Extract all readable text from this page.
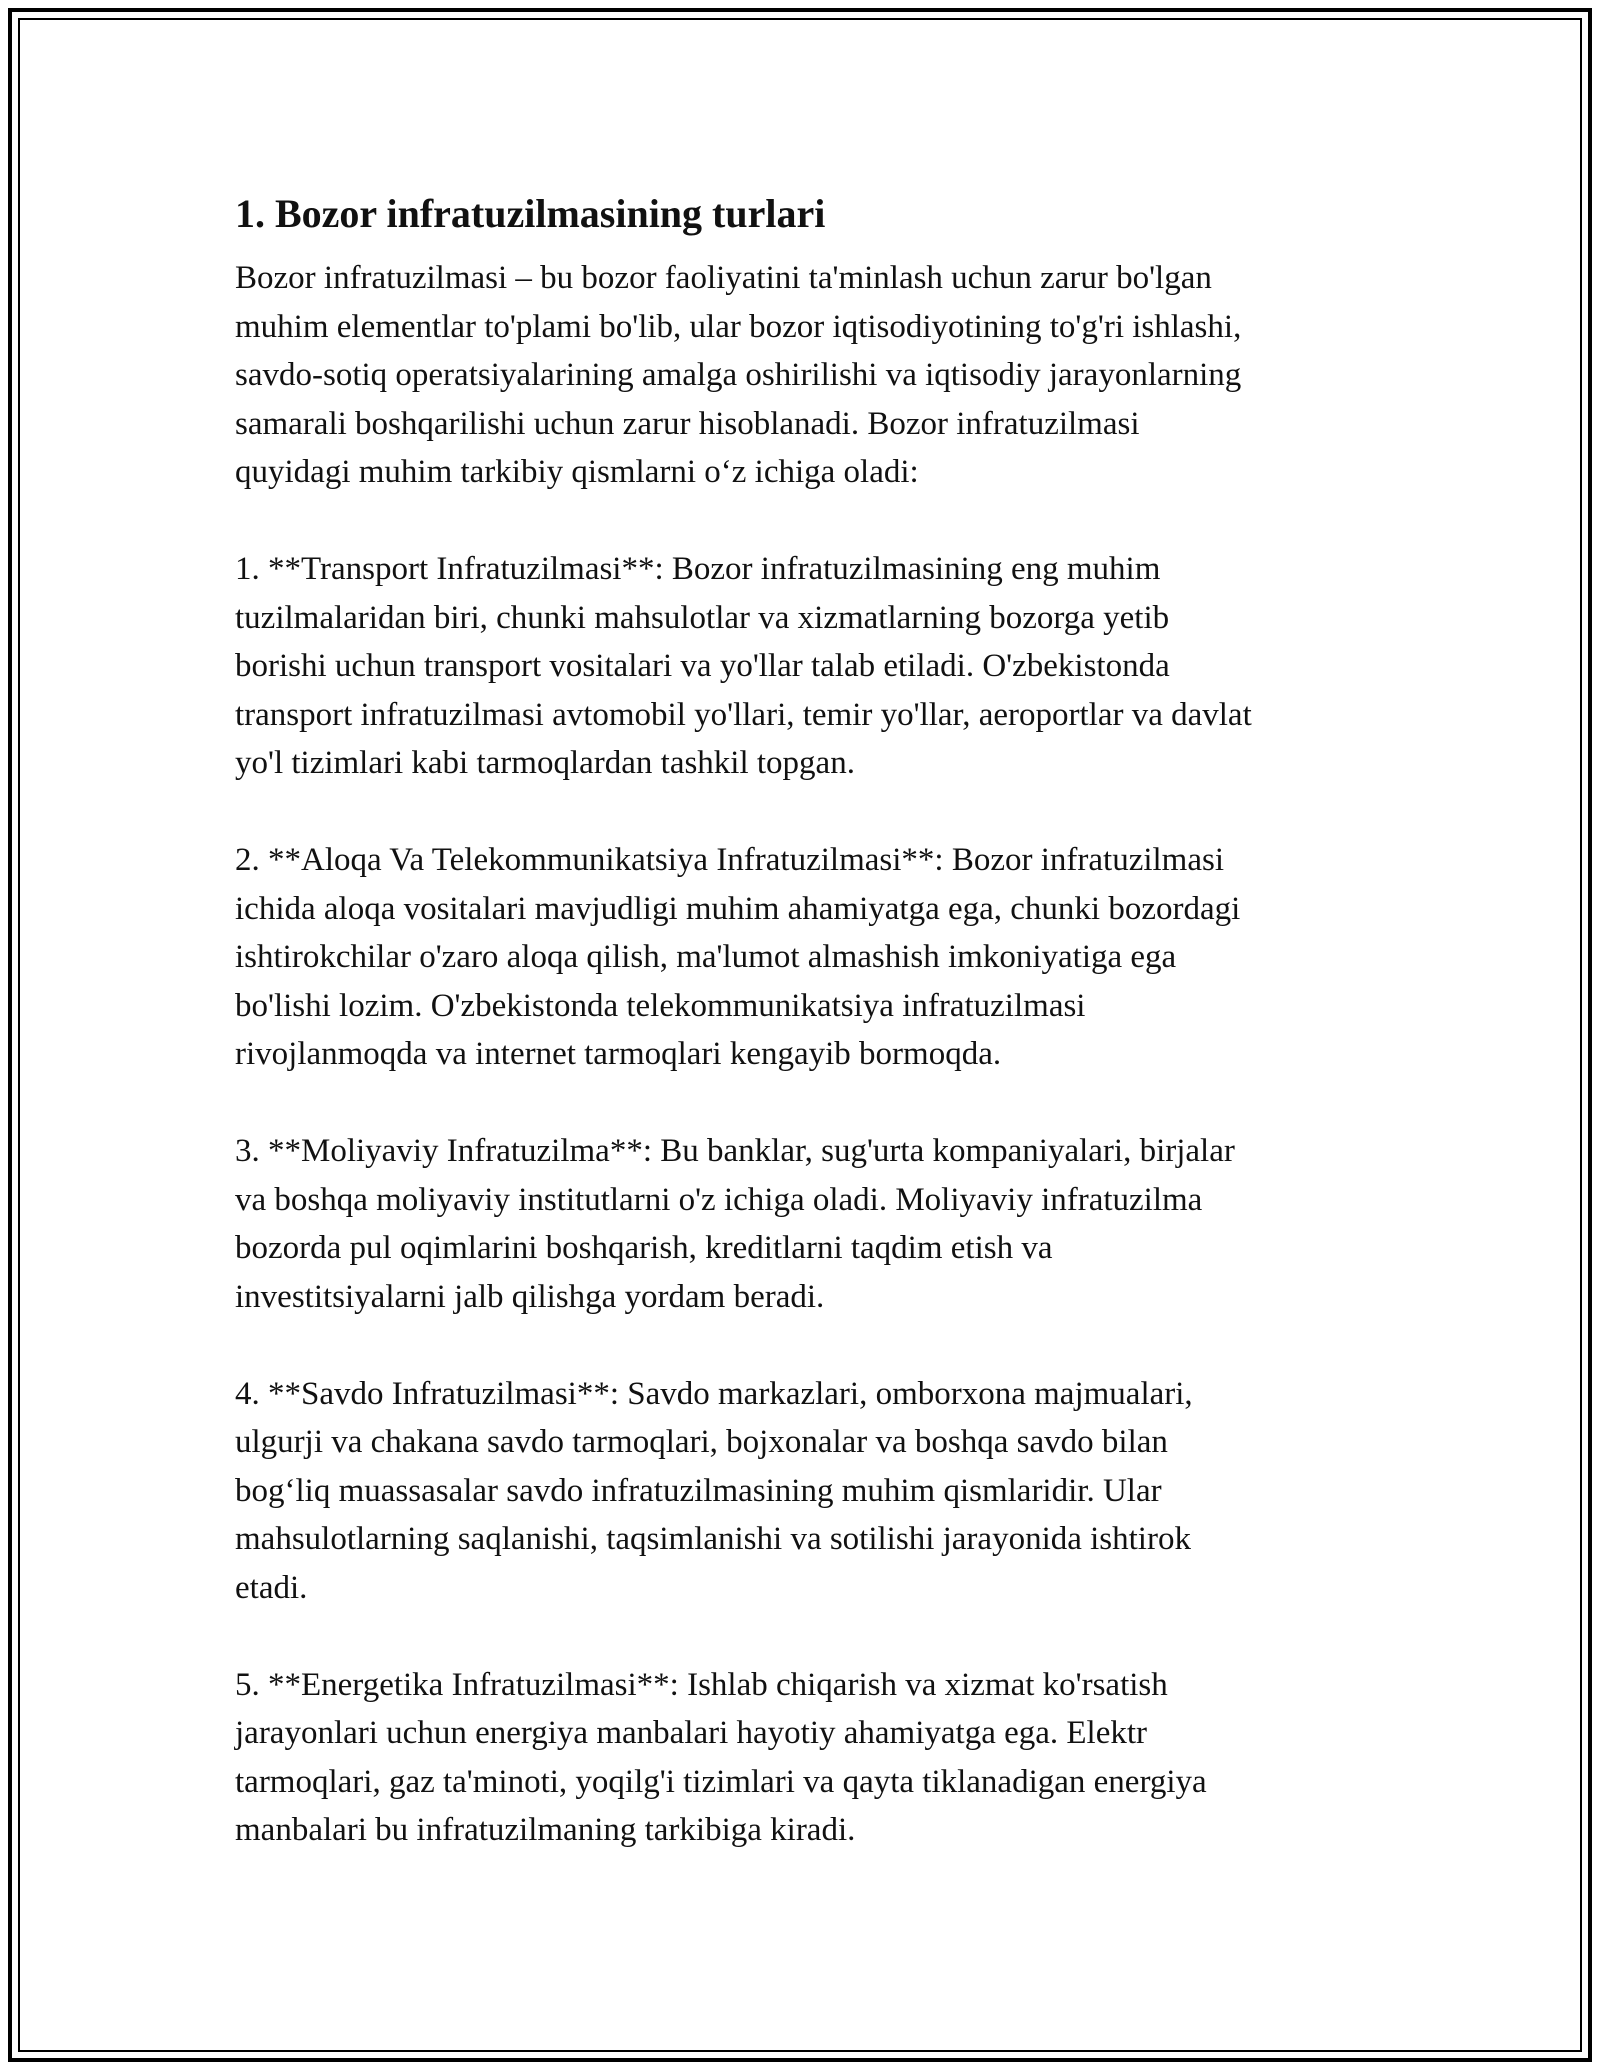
1. Bozor infratuzilmasining turlari

Bozor infratuzilmasi – bu bozor faoliyatini ta'minlash uchun zarur bo'lgan
muhim elementlar to'plami bo'lib, ular bozor iqtisodiyotining to'g'ri ishlashi,
savdo-sotiq operatsiyalarining amalga oshirilishi va iqtisodiy jarayonlarning
samarali boshqarilishi uchun zarur hisoblanadi. Bozor infratuzilmasi
quyidagi muhim tarkibiy qismlarni o‘z ichiga oladi:

1. **Transport Infratuzilmasi**: Bozor infratuzilmasining eng muhim
tuzilmalaridan biri, chunki mahsulotlar va xizmatlarning bozorga yetib
borishi uchun transport vositalari va yo'llar talab etiladi. O'zbekistonda
transport infratuzilmasi avtomobil yo'llari, temir yo'llar, aeroportlar va davlat
yo'l tizimlari kabi tarmoqlardan tashkil topgan.

2. **Aloqa Va Telekommunikatsiya Infratuzilmasi**: Bozor infratuzilmasi
ichida aloqa vositalari mavjudligi muhim ahamiyatga ega, chunki bozordagi
ishtirokchilar o'zaro aloqa qilish, ma'lumot almashish imkoniyatiga ega
bo'lishi lozim. O'zbekistonda telekommunikatsiya infratuzilmasi
rivojlanmoqda va internet tarmoqlari kengayib bormoqda.

3. **Moliyaviy Infratuzilma**: Bu banklar, sug'urta kompaniyalari, birjalar
va boshqa moliyaviy institutlarni o'z ichiga oladi. Moliyaviy infratuzilma
bozorda pul oqimlarini boshqarish, kreditlarni taqdim etish va
investitsiyalarni jalb qilishga yordam beradi.

4. **Savdo Infratuzilmasi**: Savdo markazlari, omborxona majmualari,
ulgurji va chakana savdo tarmoqlari, bojxonalar va boshqa savdo bilan
bog‘liq muassasalar savdo infratuzilmasining muhim qismlaridir. Ular
mahsulotlarning saqlanishi, taqsimlanishi va sotilishi jarayonida ishtirok
etadi.

5. **Energetika Infratuzilmasi**: Ishlab chiqarish va xizmat ko'rsatish
jarayonlari uchun energiya manbalari hayotiy ahamiyatga ega. Elektr
tarmoqlari, gaz ta'minoti, yoqilg'i tizimlari va qayta tiklanadigan energiya
manbalari bu infratuzilmaning tarkibiga kiradi.
